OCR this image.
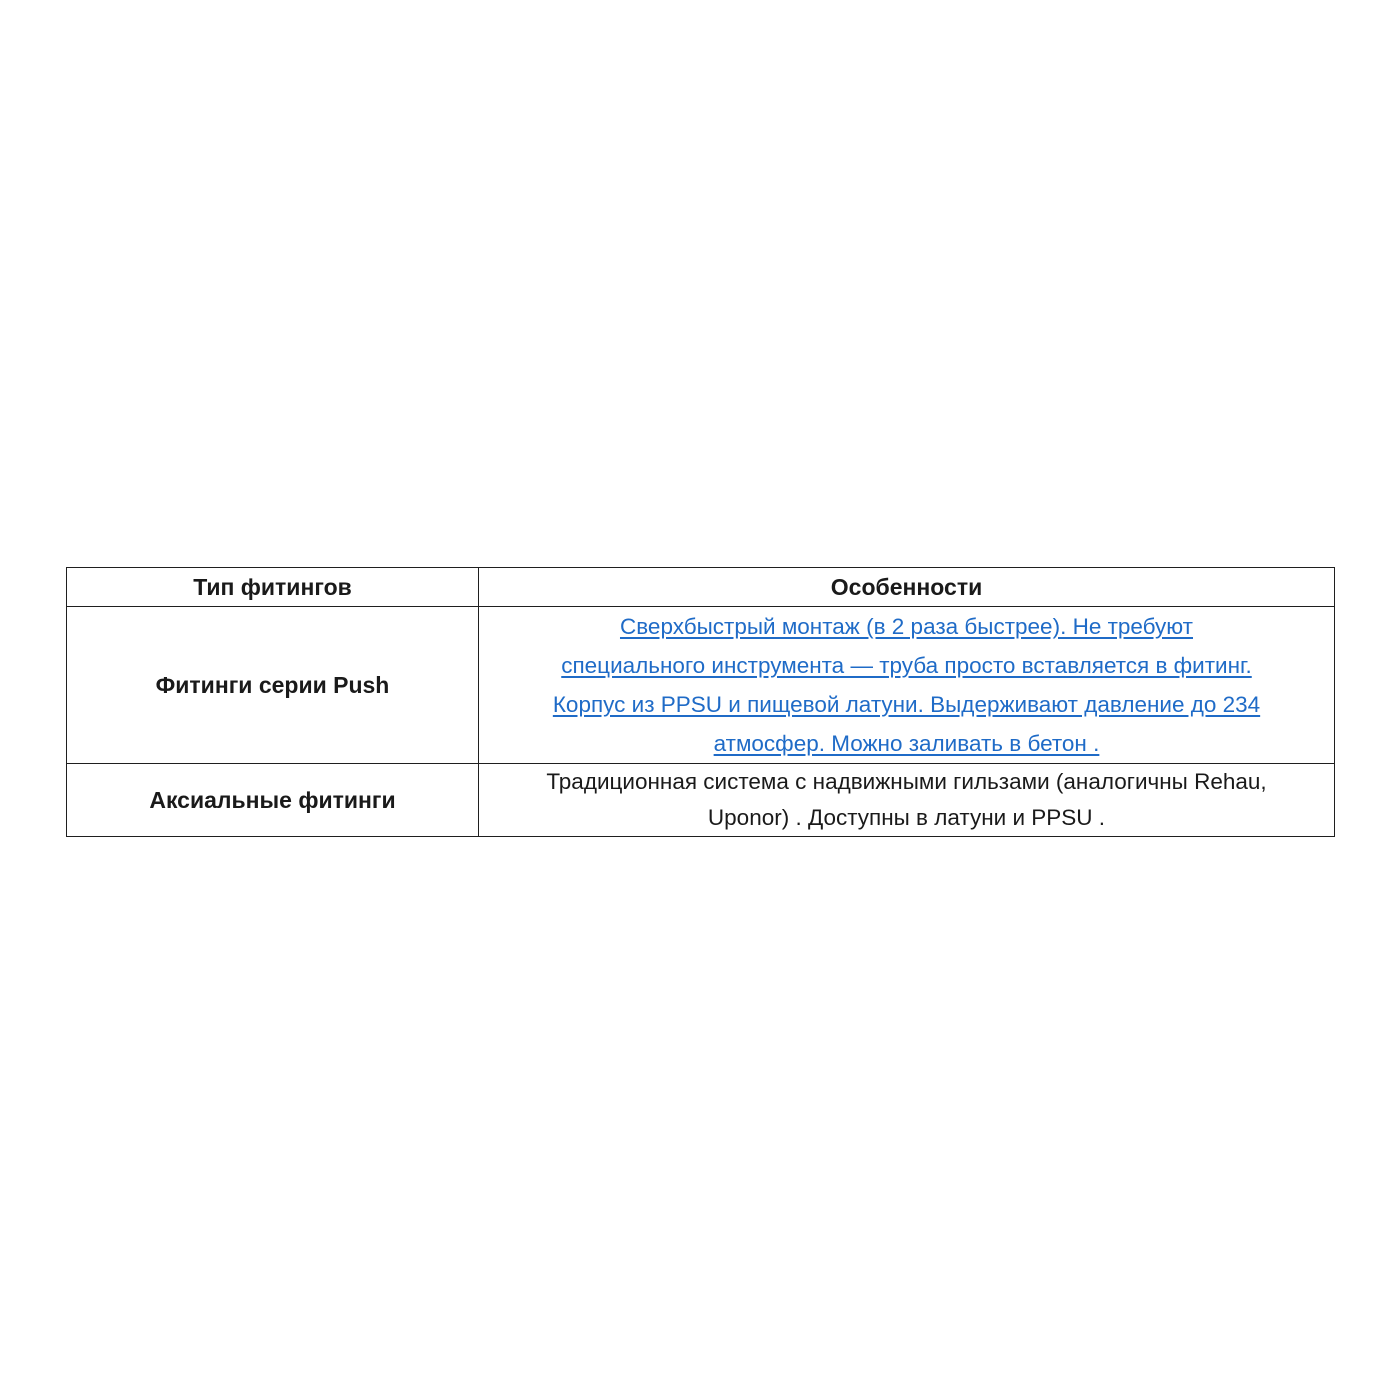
Тип фитингов	Особенности
Фитинги серии Push	Сверхбыстрый монтаж (в 2 раза быстрее). Не требуют
специального инструмента — труба просто вставляется в фитинг.
Корпус из PPSU и пищевой латуни. Выдерживают давление до 234
атмосфер. Можно заливать в бетон .

Аксиальные фитинги	Традиционная система с надвижными гильзами (аналогичны Rehau,
Uponor) . Доступны в латуни и PPSU .
